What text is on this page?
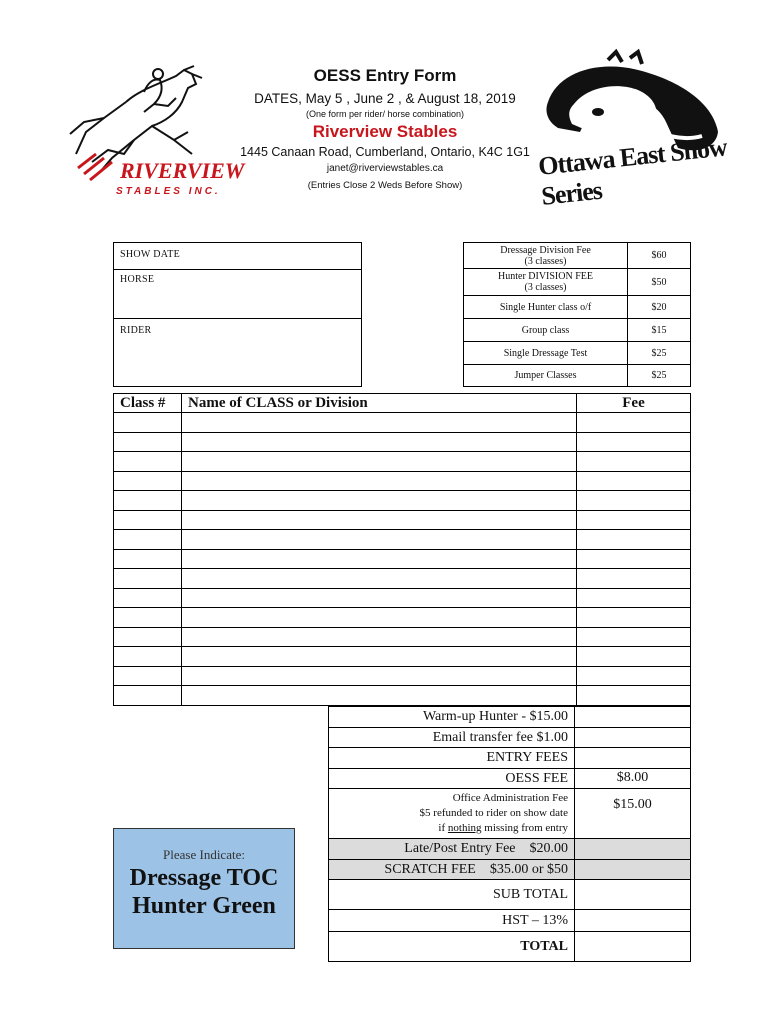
OESS Entry Form
DATES, May 5 , June 2 , & August 18, 2019
(One form per rider/ horse combination)
Riverview Stables
1445 Canaan Road, Cumberland, Ontario, K4C 1G1
janet@riverviewstables.ca
(Entries Close 2 Weds Before Show)
RIVERVIEW
STABLES INC.
Ottawa East Show Series
SHOW DATE
HORSE
RIDER
Dressage Division Fee
(3 classes)	$60
Hunter DIVISION FEE
(3 classes)	$50
Single Hunter class o/f	$20
Group class	$15
Single Dressage Test	$25
Jumper Classes	$25
Class #	Name of CLASS or Division	Fee

Warm-up Hunter - $15.00	
Email transfer fee $1.00	
ENTRY FEES	
OESS FEE	$8.00
Office Administration Fee
$5 refunded to rider on show date
if nothing missing from entry	$15.00
Late/Post Entry Fee    $20.00	
SCRATCH FEE    $35.00 or $50	
SUB TOTAL	
HST – 13%	
TOTAL	
Please Indicate:
Dressage TOC
Hunter Green
